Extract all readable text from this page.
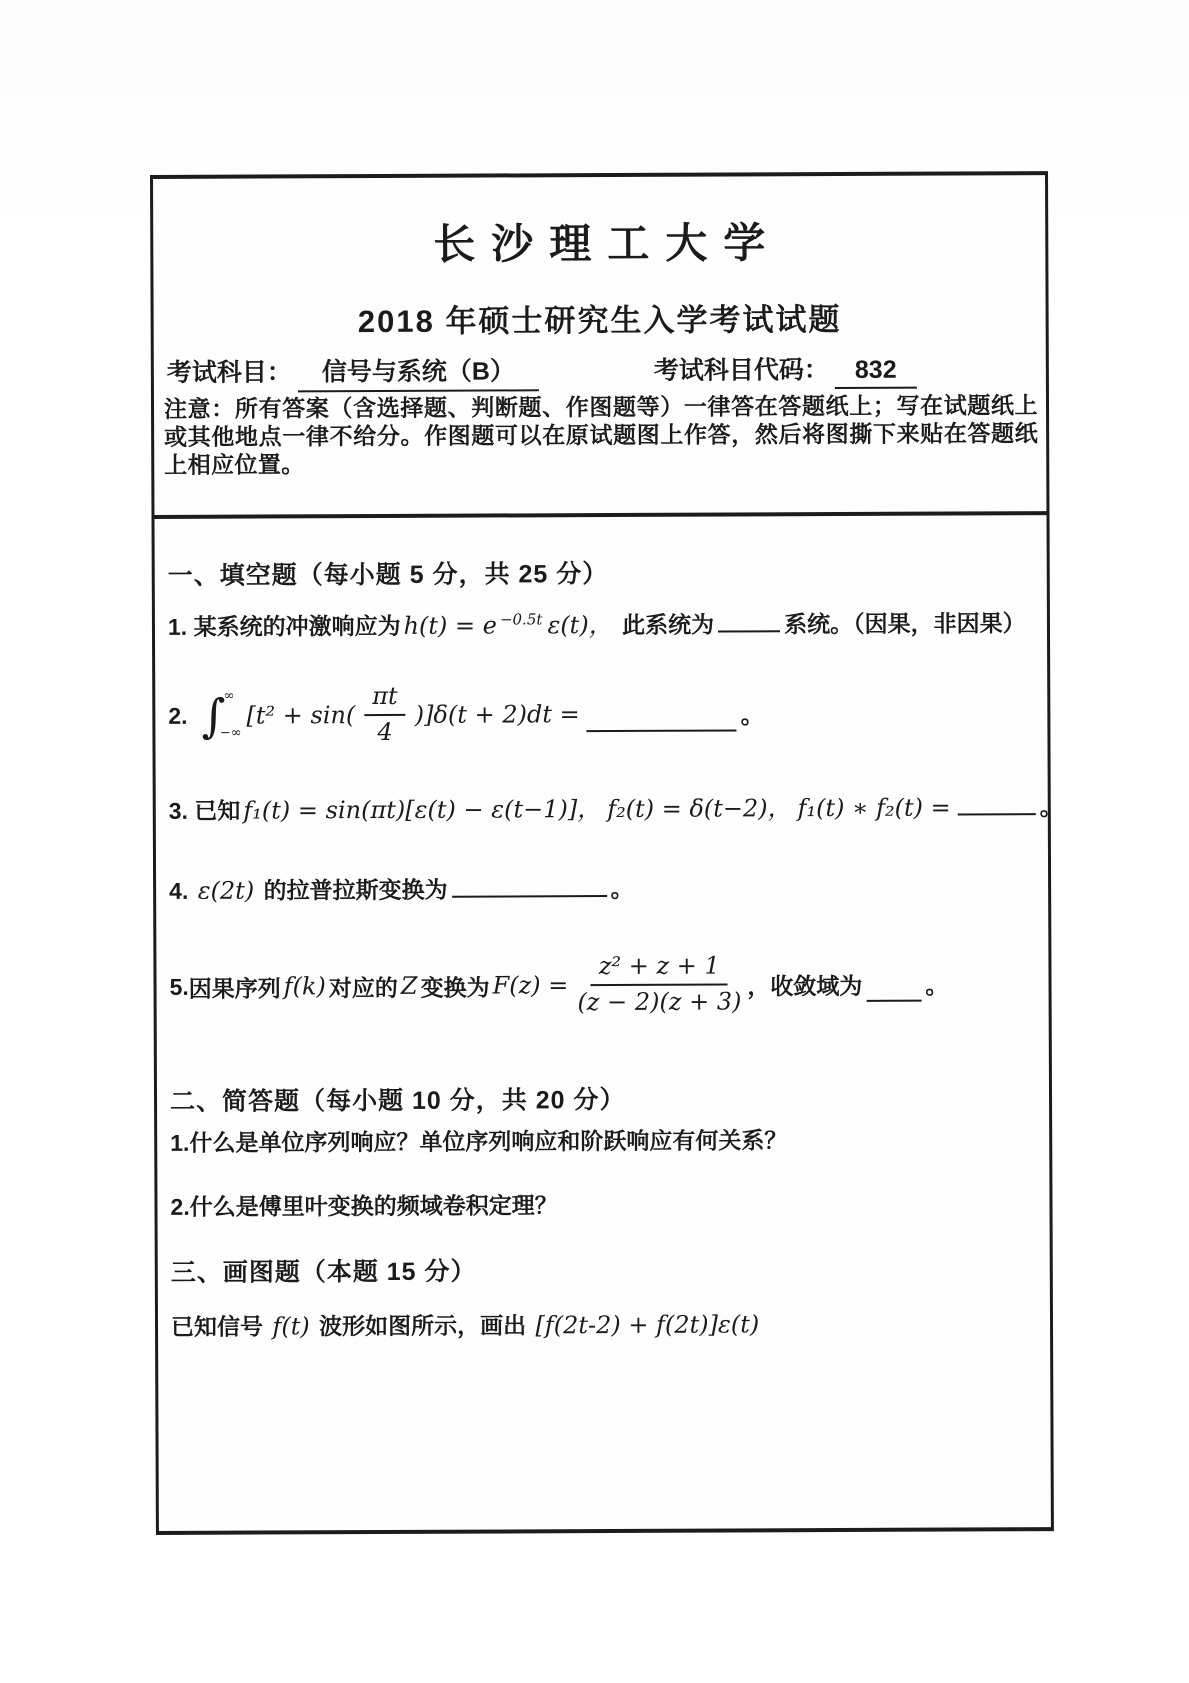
长沙理工大学
2018 年硕士研究生入学考试试题
考试科目： 信号与系统（B）	考试科目代码： 832
注意：所有答案（含选择题、判断题、作图题等）一律答在答题纸上；写在试题纸上或其他地点一律不给分。作图题可以在原试题图上作答，然后将图撕下来贴在答题纸上相应位置。
一、填空题（每小题 5 分，共 25 分）
1. 某系统的冲激响应为 h(t) = e $^{-0.5t}$ ε(t)， 此系统为	系统。（因果，非因果）
2. ∫
∞
−∞
$[t^2 + \sin( \frac{\pi t}{4} )]\delta(t + 2)dt$ =	。
3. 已知 f₁(t) = sin(πt)[ε(t) − ε(t−1)]， f₂(t) = δ(t−2)， f₁(t) ∗ f₂(t) =	。
4. ε(2t) 的拉普拉斯变换为	。
5. 因果序列 f(k) 对应的 Z 变换为 $F(z) = \frac{\text{z² + z + 1}}{(z - 2)(z + 3)}$ ，收敛域为	。
二、简答题（每小题 10 分，共 20 分）
1.什么是单位序列响应？单位序列响应和阶跃响应有何关系？
2.什么是傅里叶变换的频域卷积定理？
三、画图题（本题 15 分）
已知信号 f(t) 波形如图所示，画出 [f(2t-2) + f(2t)]ε(t)
